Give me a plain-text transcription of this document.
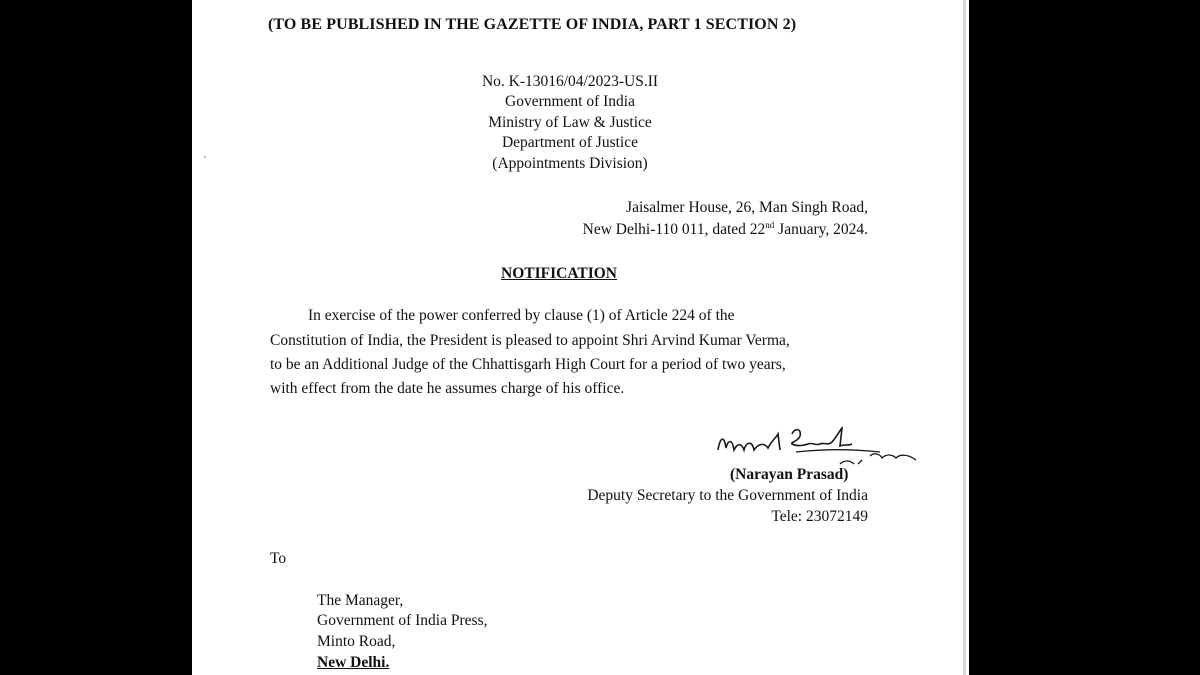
(TO BE PUBLISHED IN THE GAZETTE OF INDIA, PART 1 SECTION 2)
No. K-13016/04/2023-US.II
Government of India
Ministry of Law & Justice
Department of Justice
(Appointments Division)
Jaisalmer House, 26, Man Singh Road,
New Delhi-110 011, dated 22nd January, 2024.
NOTIFICATION
In exercise of the power conferred by clause (1) of Article 224 of the
Constitution of India, the President is pleased to appoint Shri Arvind Kumar Verma,
to be an Additional Judge of the Chhattisgarh High Court for a period of two years,
with effect from the date he assumes charge of his office.
(Narayan Prasad)
Deputy Secretary to the Government of India
Tele: 23072149
To
The Manager,
Government of India Press,
Minto Road,
New Delhi.
